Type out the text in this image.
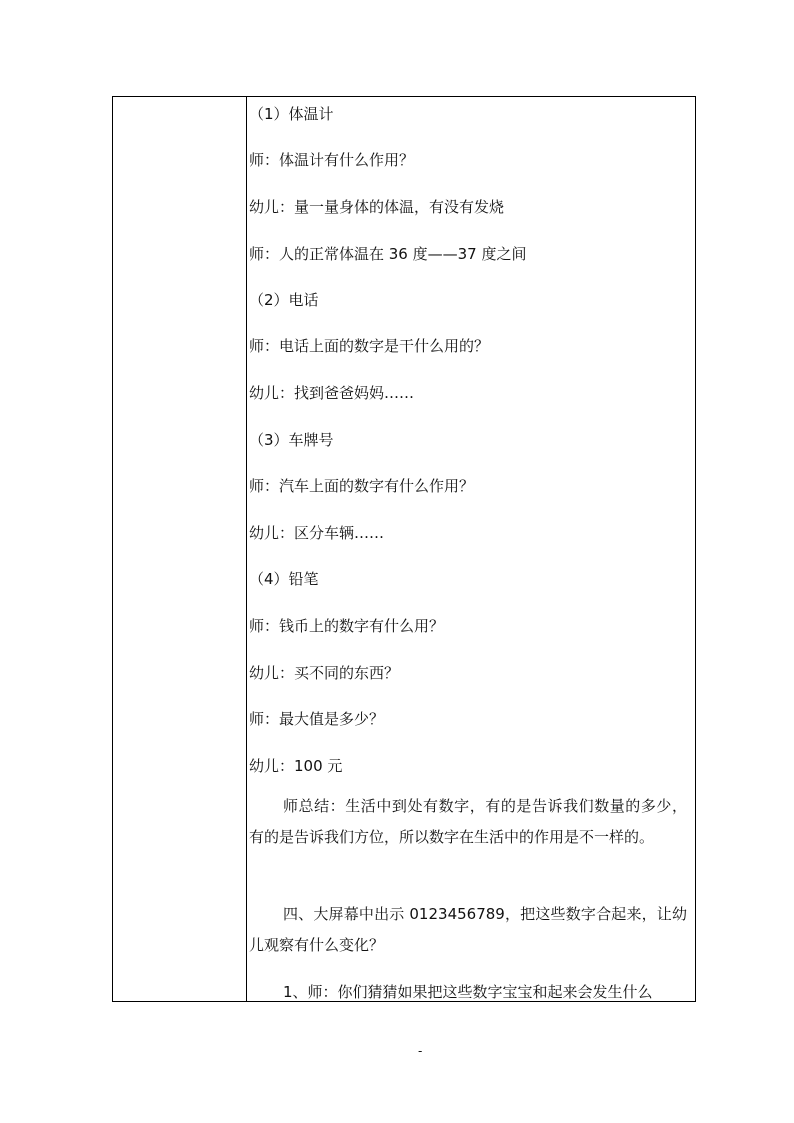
（1）体温计
师：体温计有什么作用？
幼儿：量一量身体的体温，有没有发烧
师：人的正常体温在 36 度——37 度之间
（2）电话
师：电话上面的数字是干什么用的？
幼儿：找到爸爸妈妈……
（3）车牌号
师：汽车上面的数字有什么作用？
幼儿：区分车辆……
（4）铅笔
师：钱币上的数字有什么用？
幼儿：买不同的东西？
师：最大值是多少？
幼儿：100 元
师总结：生活中到处有数字，有的是告诉我们数量的多少，有的是告诉我们方位，所以数字在生活中的作用是不一样的。
四、大屏幕中出示 0123456789，把这些数字合起来，让幼儿观察有什么变化？
1、师：你们猜猜如果把这些数字宝宝和起来会发生什么
-
